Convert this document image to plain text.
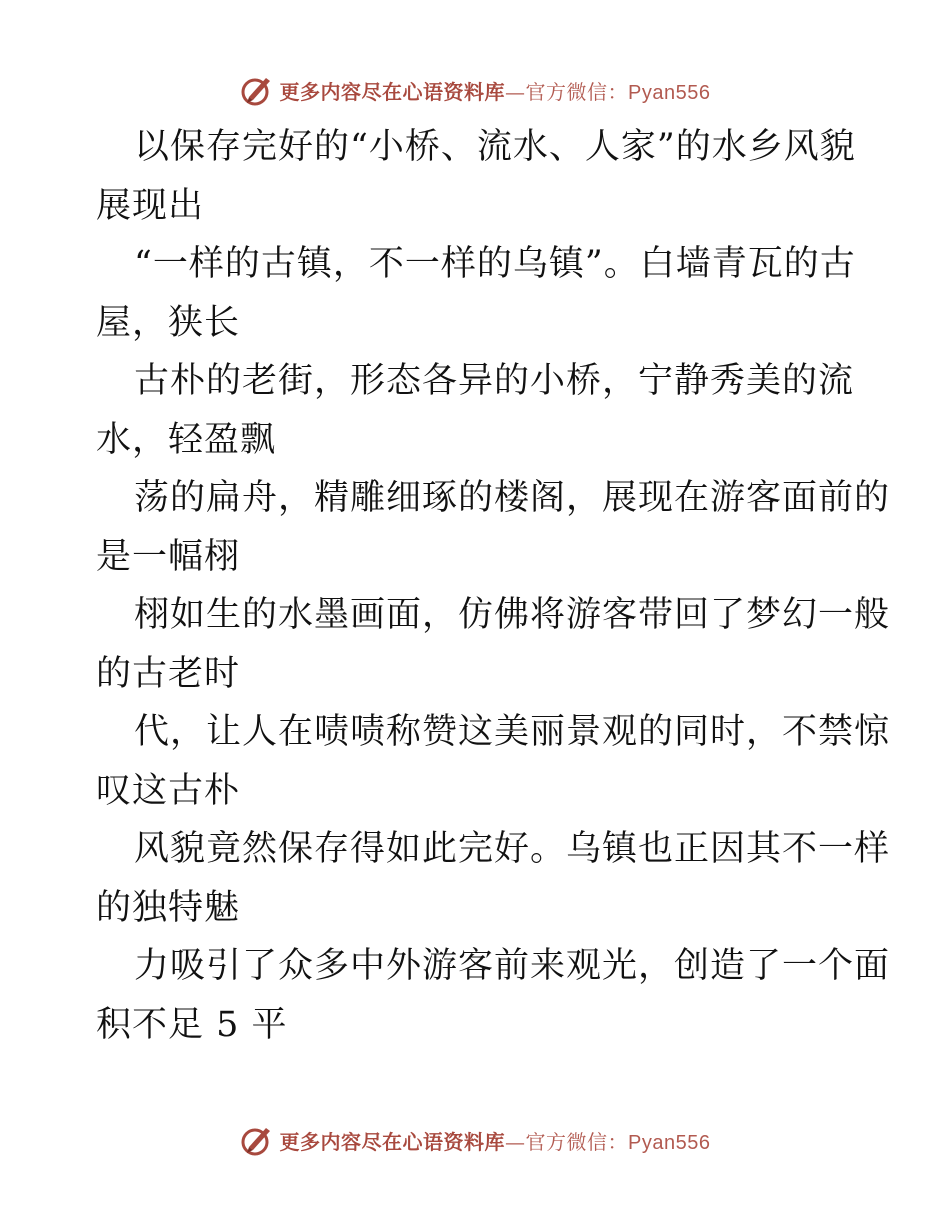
更多内容尽在心语资料库—官方微信：Pyan556
以保存完好的“小桥、流水、人家”的水乡风貌
展现出
“一样的古镇，不一样的乌镇”。白墙青瓦的古
屋，狭长
古朴的老街，形态各异的小桥，宁静秀美的流
水，轻盈飘
荡的扁舟，精雕细琢的楼阁，展现在游客面前的
是一幅栩
栩如生的水墨画面，仿佛将游客带回了梦幻一般
的古老时
代，让人在啧啧称赞这美丽景观的同时，不禁惊
叹这古朴
风貌竟然保存得如此完好。乌镇也正因其不一样
的独特魅
力吸引了众多中外游客前来观光，创造了一个面
积不足 5 平
更多内容尽在心语资料库—官方微信：Pyan556
